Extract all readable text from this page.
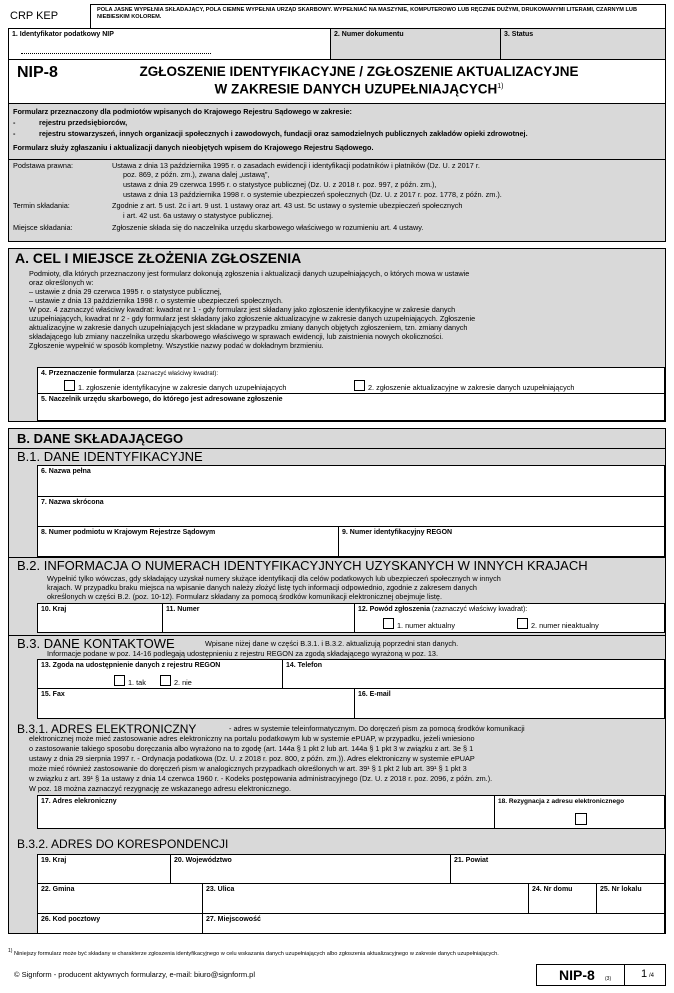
CRP KEP	POLA JASNE WYPEŁNIA SKŁADAJĄCY, POLA CIEMNE WYPEŁNIA URZĄD SKARBOWY. WYPEŁNIAĆ NA MASZYNIE, KOMPUTEROWO LUB RĘCZNIE DUŻYMI, DRUKOWANYMI LITERAMI, CZARNYM LUB NIEBIESKIM KOLOREM.
1. Identyfikator podatkowy NIP	2. Numer dokumentu	3. Status
NIP-8	ZGŁOSZENIE IDENTYFIKACYJNE / ZGŁOSZENIE AKTUALIZACYJNE
W ZAKRESIE DANYCH UZUPEŁNIAJĄCYCH$^{1)}$
Formularz przeznaczony dla podmiotów wpisanych do Krajowego Rejestru Sądowego w zakresie:
-	rejestru przedsiębiorców,
-	rejestru stowarzyszeń, innych organizacji społecznych i zawodowych, fundacji oraz samodzielnych publicznych zakładów opieki zdrowotnej.
Formularz służy zgłaszaniu i aktualizacji danych nieobjętych wpisem do Krajowego Rejestru Sądowego.
Podstawa prawna:	Ustawa z dnia 13 października 1995 r. o zasadach ewidencji i identyfikacji podatników i płatników (Dz. U. z 2017 r.
poz. 869, z późn. zm.), zwana dalej „ustawą”,
ustawa z dnia 29 czerwca 1995 r. o statystyce publicznej (Dz. U. z 2018 r. poz. 997, z późn. zm.),
ustawa z dnia 13 października 1998 r. o systemie ubezpieczeń społecznych (Dz. U. z 2017 r. poz. 1778, z późn. zm.).
Termin składania:	Zgodnie z art. 5 ust. 2c i art. 9 ust. 1 ustawy oraz art. 43 ust. 5c ustawy o systemie ubezpieczeń społecznych
i art. 42 ust. 6a ustawy o statystyce publicznej.
Miejsce składania:	Zgłoszenie składa się do naczelnika urzędu skarbowego właściwego w rozumieniu art. 4 ustawy.
A. CEL I MIEJSCE ZŁOŻENIA ZGŁOSZENIA
Podmioty, dla których przeznaczony jest formularz dokonują zgłoszenia i aktualizacji danych uzupełniających, o których mowa w ustawie
oraz określonych w:
– ustawie z dnia 29 czerwca 1995 r. o statystyce publicznej,
– ustawie z dnia 13 października 1998 r. o systemie ubezpieczeń społecznych.
W poz. 4 zaznaczyć właściwy kwadrat: kwadrat nr 1 - gdy formularz jest składany jako zgłoszenie identyfikacyjne w zakresie danych
uzupełniających, kwadrat nr 2 - gdy formularz jest składany jako zgłoszenie aktualizacyjne w zakresie danych uzupełniających. Zgłoszenie
aktualizacyjne w zakresie danych uzupełniających jest składane w przypadku zmiany danych objętych zgłoszeniem, tzn. zmiany danych
składającego lub zmiany naczelnika urzędu skarbowego właściwego w sprawach ewidencji, lub zaistnienia nowych okoliczności.
Zgłoszenie wypełnić w sposób kompletny. Wszystkie nazwy podać w dokładnym brzmieniu.
4. Przeznaczenie formularza (zaznaczyć właściwy kwadrat):
1. zgłoszenie identyfikacyjne w zakresie danych uzupełniających	2. zgłoszenie aktualizacyjne w zakresie danych uzupełniających
5. Naczelnik urzędu skarbowego, do którego jest adresowane zgłoszenie
B. DANE SKŁADAJĄCEGO
B.1. DANE IDENTYFIKACYJNE
6. Nazwa pełna
7. Nazwa skrócona
8. Numer podmiotu w Krajowym Rejestrze Sądowym	9. Numer identyfikacyjny REGON
B.2. INFORMACJA O NUMERACH IDENTYFIKACYJNYCH UZYSKANYCH W INNYCH KRAJACH
Wypełnić tylko wówczas, gdy składający uzyskał numery służące identyfikacji dla celów podatkowych lub ubezpieczeń społecznych w innych
krajach. W przypadku braku miejsca na wpisanie danych należy złożyć listę tych informacji odpowiednio, zgodnie z zakresem danych
określonych w części B.2. (poz. 10-12). Formularz składany za pomocą środków komunikacji elektronicznej obejmuje listę.
10. Kraj	11. Numer	12. Powód zgłoszenia (zaznaczyć właściwy kwadrat):
1. numer aktualny	2. numer nieaktualny
B.3. DANE KONTAKTOWE	Wpisane niżej dane w części B.3.1. i B.3.2. aktualizują poprzedni stan danych.
Informacje podane w poz. 14-16 podlegają udostępnieniu z rejestru REGON za zgodą składającego wyrażoną w poz. 13.
13. Zgoda na udostępnienie danych z rejestru REGON
1. tak	2. nie
14. Telefon
15. Fax	16. E-mail
B.3.1. ADRES ELEKTRONICZNY	- adres w systemie teleinformatycznym. Do doręczeń pism za pomocą środków komunikacji
elektronicznej może mieć zastosowanie adres elektroniczny na portalu podatkowym lub w systemie ePUAP, w przypadku, jeżeli wniesiono
o zastosowanie takiego sposobu doręczania albo wyrażono na to zgodę (art. 144a § 1 pkt 2 lub art. 144a § 1 pkt 3 w związku z art. 3e § 1
ustawy z dnia 29 sierpnia 1997 r. - Ordynacja podatkowa (Dz. U. z 2018 r. poz. 800, z późn. zm.)). Adres elektroniczny w systemie ePUAP
może mieć również zastosowanie do doręczeń pism w analogicznych przypadkach określonych w art. 39¹ § 1 pkt 2 lub art. 39¹ § 1 pkt 3
w związku z art. 39¹ § 1a ustawy z dnia 14 czerwca 1960 r. - Kodeks postępowania administracyjnego (Dz. U. z 2018 r. poz. 2096, z późn. zm.).
W poz. 18 można zaznaczyć rezygnację ze wskazanego adresu elektronicznego.
17. Adres elekroniczny	18. Rezygnacja z adresu elektronicznego
B.3.2. ADRES DO KORESPONDENCJI
19. Kraj	20. Województwo	21. Powiat
22. Gmina	23. Ulica	24. Nr domu	25. Nr lokalu
26. Kod pocztowy	27. Miejscowość
$^{1)}$ Niniejszy formularz może być składany w charakterze zgłoszenia identyfikacyjnego w celu wskazania danych uzupełniających albo zgłoszenia aktualizacyjnego w zakresie danych uzupełniających.
© Signform - producent aktywnych formularzy, e-mail: biuro@signform.pl	NIP-8 (3)	1 /4
